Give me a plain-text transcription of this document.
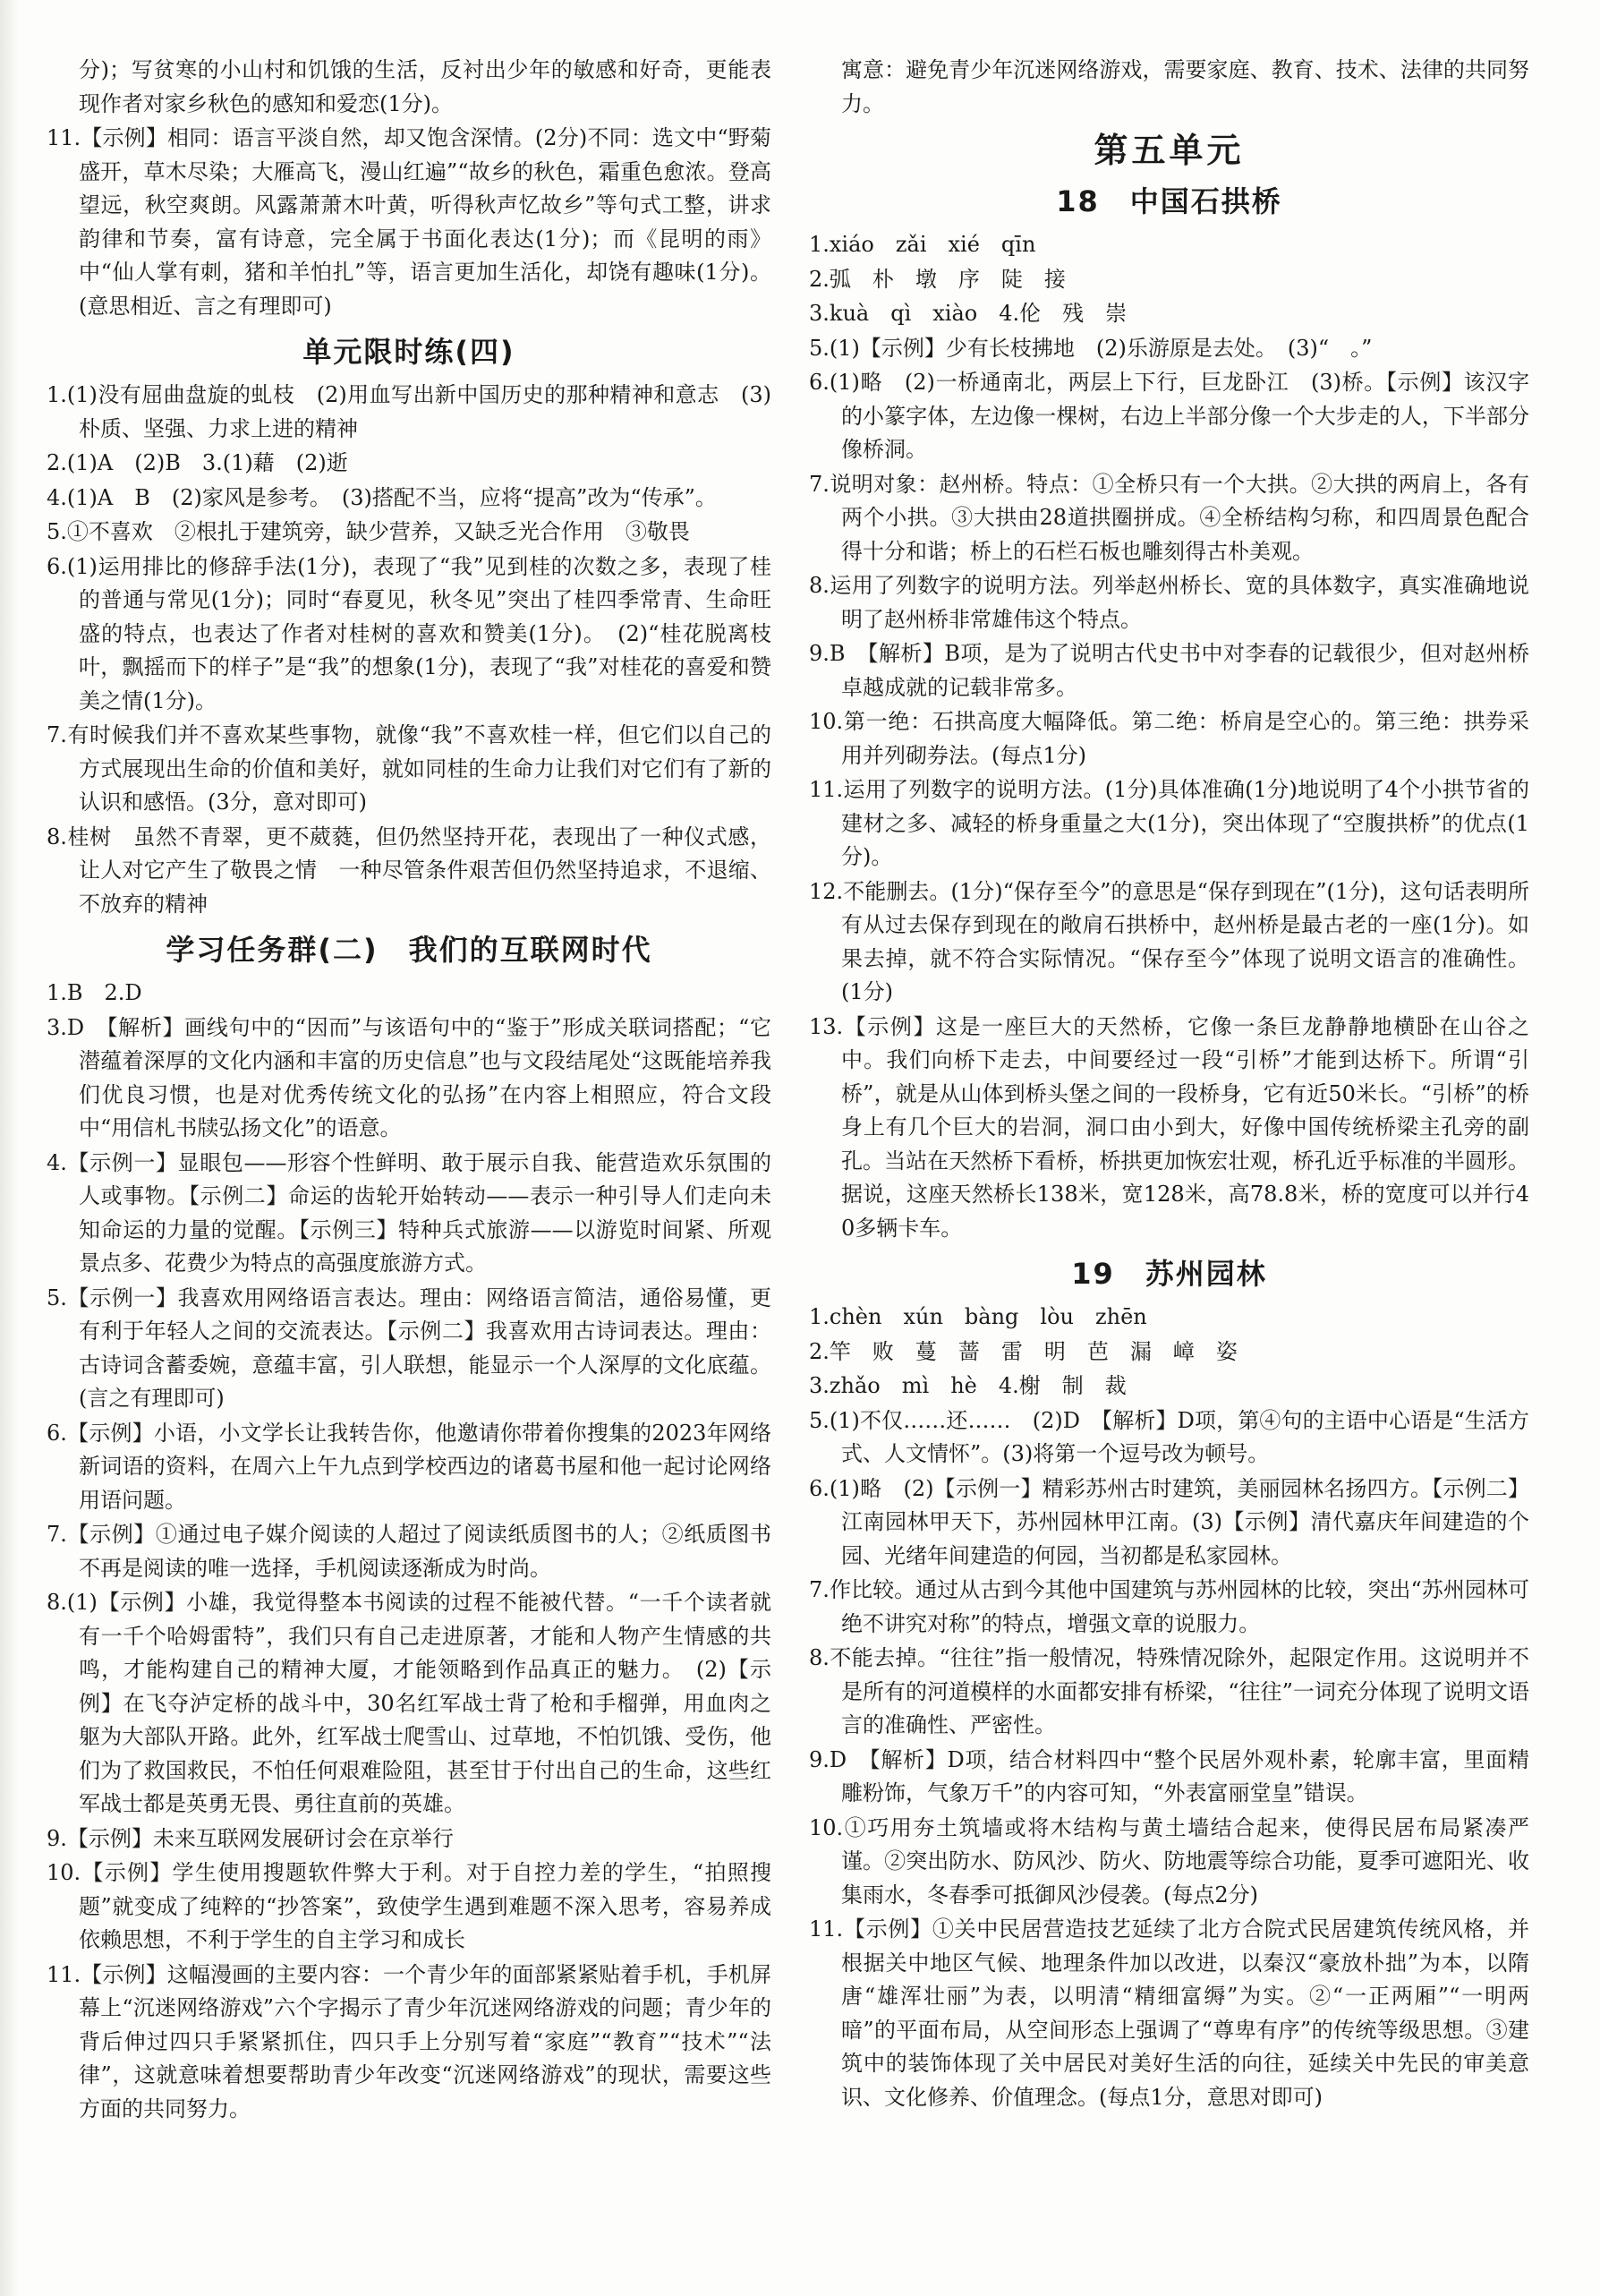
分)；写贫寒的小山村和饥饿的生活，反衬出少年的敏感和好奇，更能表现作者对家乡秋色的感知和爱恋(1分)。

11.【示例】相同：语言平淡自然，却又饱含深情。(2分)不同：选文中“野菊盛开，草木尽染；大雁高飞，漫山红遍”“故乡的秋色，霜重色愈浓。登高望远，秋空爽朗。风露萧萧木叶黄，听得秋声忆故乡”等句式工整，讲求韵律和节奏，富有诗意，完全属于书面化表达(1分)；而《昆明的雨》中“仙人掌有刺，猪和羊怕扎”等，语言更加生活化，却饶有趣味(1分)。(意思相近、言之有理即可)

单元限时练(四)

1.(1)没有屈曲盘旋的虬枝　(2)用血写出新中国历史的那种精神和意志　(3)朴质、坚强、力求上进的精神

2.(1)A　(2)B　3.(1)藉　(2)逝

4.(1)A　B　(2)家风是参考。　(3)搭配不当，应将“提高”改为“传承”。

5.①不喜欢　②根扎于建筑旁，缺少营养，又缺乏光合作用　③敬畏

6.(1)运用排比的修辞手法(1分)，表现了“我”见到桂的次数之多，表现了桂的普通与常见(1分)；同时“春夏见，秋冬见”突出了桂四季常青、生命旺盛的特点，也表达了作者对桂树的喜欢和赞美(1分)。　(2)“桂花脱离枝叶，飘摇而下的样子”是“我”的想象(1分)，表现了“我”对桂花的喜爱和赞美之情(1分)。

7.有时候我们并不喜欢某些事物，就像“我”不喜欢桂一样，但它们以自己的方式展现出生命的价值和美好，就如同桂的生命力让我们对它们有了新的认识和感悟。(3分，意对即可)

8.桂树　虽然不青翠，更不葳蕤，但仍然坚持开花，表现出了一种仪式感，让人对它产生了敬畏之情　一种尽管条件艰苦但仍然坚持追求，不退缩、不放弃的精神

学习任务群(二)　我们的互联网时代

1.B　2.D

3.D　【解析】画线句中的“因而”与该语句中的“鉴于”形成关联词搭配；“它潜蕴着深厚的文化内涵和丰富的历史信息”也与文段结尾处“这既能培养我们优良习惯，也是对优秀传统文化的弘扬”在内容上相照应，符合文段中“用信札书牍弘扬文化”的语意。

4.【示例一】显眼包——形容个性鲜明、敢于展示自我、能营造欢乐氛围的人或事物。【示例二】命运的齿轮开始转动——表示一种引导人们走向未知命运的力量的觉醒。【示例三】特种兵式旅游——以游览时间紧、所观景点多、花费少为特点的高强度旅游方式。

5.【示例一】我喜欢用网络语言表达。理由：网络语言简洁，通俗易懂，更有利于年轻人之间的交流表达。【示例二】我喜欢用古诗词表达。理由：古诗词含蓄委婉，意蕴丰富，引人联想，能显示一个人深厚的文化底蕴。(言之有理即可)

6.【示例】小语，小文学长让我转告你，他邀请你带着你搜集的2023年网络新词语的资料，在周六上午九点到学校西边的诸葛书屋和他一起讨论网络用语问题。

7.【示例】①通过电子媒介阅读的人超过了阅读纸质图书的人；②纸质图书不再是阅读的唯一选择，手机阅读逐渐成为时尚。

8.(1)【示例】小雄，我觉得整本书阅读的过程不能被代替。“一千个读者就有一千个哈姆雷特”，我们只有自己走进原著，才能和人物产生情感的共鸣，才能构建自己的精神大厦，才能领略到作品真正的魅力。　(2)【示例】在飞夺泸定桥的战斗中，30名红军战士背了枪和手榴弹，用血肉之躯为大部队开路。此外，红军战士爬雪山、过草地，不怕饥饿、受伤，他们为了救国救民，不怕任何艰难险阻，甚至甘于付出自己的生命，这些红军战士都是英勇无畏、勇往直前的英雄。

9.【示例】未来互联网发展研讨会在京举行

10.【示例】学生使用搜题软件弊大于利。对于自控力差的学生，“拍照搜题”就变成了纯粹的“抄答案”，致使学生遇到难题不深入思考，容易养成依赖思想，不利于学生的自主学习和成长

11.【示例】这幅漫画的主要内容：一个青少年的面部紧紧贴着手机，手机屏幕上“沉迷网络游戏”六个字揭示了青少年沉迷网络游戏的问题；青少年的背后伸过四只手紧紧抓住，四只手上分别写着“家庭”“教育”“技术”“法律”，这就意味着想要帮助青少年改变“沉迷网络游戏”的现状，需要这些方面的共同努力。

寓意：避免青少年沉迷网络游戏，需要家庭、教育、技术、法律的共同努力。

第五单元
18　中国石拱桥

1.xiáo　zǎi　xié　qīn

2.弧　朴　墩　序　陡　接

3.kuà　qì　xiào　4.伦　残　崇

5.(1)【示例】少有长枝拂地　(2)乐游原是去处。　(3)“　。”

6.(1)略　(2)一桥通南北，两层上下行，巨龙卧江　(3)桥。【示例】该汉字的小篆字体，左边像一棵树，右边上半部分像一个大步走的人，下半部分像桥洞。

7.说明对象：赵州桥。特点：①全桥只有一个大拱。②大拱的两肩上，各有两个小拱。③大拱由28道拱圈拼成。④全桥结构匀称，和四周景色配合得十分和谐；桥上的石栏石板也雕刻得古朴美观。

8.运用了列数字的说明方法。列举赵州桥长、宽的具体数字，真实准确地说明了赵州桥非常雄伟这个特点。

9.B　【解析】B项，是为了说明古代史书中对李春的记载很少，但对赵州桥卓越成就的记载非常多。

10.第一绝：石拱高度大幅降低。第二绝：桥肩是空心的。第三绝：拱券采用并列砌券法。(每点1分)

11.运用了列数字的说明方法。(1分)具体准确(1分)地说明了4个小拱节省的建材之多、减轻的桥身重量之大(1分)，突出体现了“空腹拱桥”的优点(1分)。

12.不能删去。(1分)“保存至今”的意思是“保存到现在”(1分)，这句话表明所有从过去保存到现在的敞肩石拱桥中，赵州桥是最古老的一座(1分)。如果去掉，就不符合实际情况。“保存至今”体现了说明文语言的准确性。(1分)

13.【示例】这是一座巨大的天然桥，它像一条巨龙静静地横卧在山谷之中。我们向桥下走去，中间要经过一段“引桥”才能到达桥下。所谓“引桥”，就是从山体到桥头堡之间的一段桥身，它有近50米长。“引桥”的桥身上有几个巨大的岩洞，洞口由小到大，好像中国传统桥梁主孔旁的副孔。当站在天然桥下看桥，桥拱更加恢宏壮观，桥孔近乎标准的半圆形。据说，这座天然桥长138米，宽128米，高78.8米，桥的宽度可以并行40多辆卡车。

19　苏州园林

1.chèn　xún　bàng　lòu　zhēn

2.竿　败　蔓　蔷　雷　明　芭　漏　嶂　姿

3.zhǎo　mì　hè　4.榭　制　裁

5.(1)不仅……还……　(2)D　【解析】D项，第④句的主语中心语是“生活方式、人文情怀”。(3)将第一个逗号改为顿号。

6.(1)略　(2)【示例一】精彩苏州古时建筑，美丽园林名扬四方。【示例二】江南园林甲天下，苏州园林甲江南。(3)【示例】清代嘉庆年间建造的个园、光绪年间建造的何园，当初都是私家园林。

7.作比较。通过从古到今其他中国建筑与苏州园林的比较，突出“苏州园林可绝不讲究对称”的特点，增强文章的说服力。

8.不能去掉。“往往”指一般情况，特殊情况除外，起限定作用。这说明并不是所有的河道模样的水面都安排有桥梁，“往往”一词充分体现了说明文语言的准确性、严密性。

9.D　【解析】D项，结合材料四中“整个民居外观朴素，轮廓丰富，里面精雕粉饰，气象万千”的内容可知，“外表富丽堂皇”错误。

10.①巧用夯土筑墙或将木结构与黄土墙结合起来，使得民居布局紧凑严谨。②突出防水、防风沙、防火、防地震等综合功能，夏季可遮阳光、收集雨水，冬春季可抵御风沙侵袭。(每点2分)

11.【示例】①关中民居营造技艺延续了北方合院式民居建筑传统风格，并根据关中地区气候、地理条件加以改进，以秦汉“豪放朴拙”为本，以隋唐“雄浑壮丽”为表，以明清“精细富缛”为实。②“一正两厢”“一明两暗”的平面布局，从空间形态上强调了“尊卑有序”的传统等级思想。③建筑中的装饰体现了关中居民对美好生活的向往，延续关中先民的审美意识、文化修养、价值理念。(每点1分，意思对即可)
